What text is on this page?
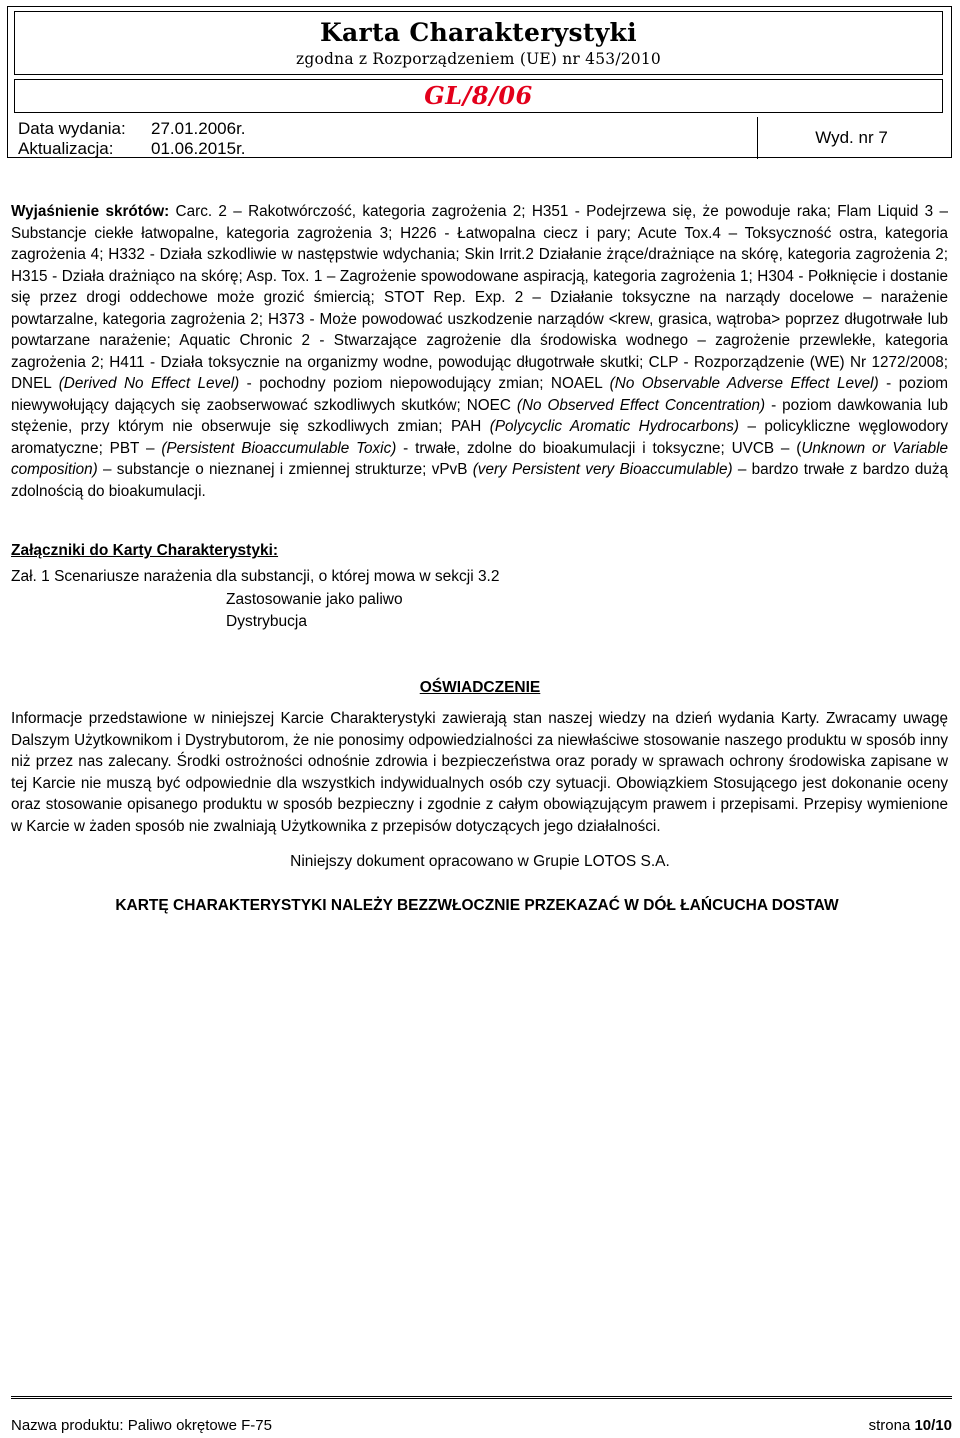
Karta Charakterystyki
zgodna z Rozporządzeniem (UE) nr 453/2010
GL/8/06
Data wydania: 27.01.2006r.
Aktualizacja: 01.06.2015r.
Wyd. nr 7
Wyjaśnienie skrótów: Carc. 2 – Rakotwórczość, kategoria zagrożenia 2; H351 - Podejrzewa się, że powoduje raka; Flam Liquid 3 – Substancje ciekłe łatwopalne, kategoria zagrożenia 3; H226 - Łatwopalna ciecz i pary; Acute Tox.4 – Toksyczność ostra, kategoria zagrożenia 4; H332 - Działa szkodliwie w następstwie wdychania; Skin Irrit.2 Działanie żrące/drażniące na skórę, kategoria zagrożenia 2; H315 - Działa drażniąco na skórę; Asp. Tox. 1 – Zagrożenie spowodowane aspiracją, kategoria zagrożenia 1; H304 - Połknięcie i dostanie się przez drogi oddechowe może grozić śmiercią; STOT Rep. Exp. 2 – Działanie toksyczne na narządy docelowe – narażenie powtarzalne, kategoria zagrożenia 2; H373 - Może powodować uszkodzenie narządów <krew, grasica, wątroba> poprzez długotrwałe lub powtarzane narażenie; Aquatic Chronic 2 - Stwarzające zagrożenie dla środowiska wodnego – zagrożenie przewlekłe, kategoria zagrożenia 2; H411 - Działa toksycznie na organizmy wodne, powodując długotrwałe skutki; CLP - Rozporządzenie (WE) Nr 1272/2008; DNEL (Derived No Effect Level) - pochodny poziom niepowodujący zmian; NOAEL (No Observable Adverse Effect Level) - poziom niewywołujący dających się zaobserwować szkodliwych skutków; NOEC (No Observed Effect Concentration) - poziom dawkowania lub stężenie, przy którym nie obserwuje się szkodliwych zmian; PAH (Polycyclic Aromatic Hydrocarbons) – policykliczne węglowodory aromatyczne; PBT – (Persistent Bioaccumulable Toxic) - trwałe, zdolne do bioakumulacji i toksyczne; UVCB – (Unknown or Variable composition) – substancje o nieznanej i zmiennej strukturze; vPvB (very Persistent very Bioaccumulable) – bardzo trwałe z bardzo dużą zdolnością do bioakumulacji.
Załączniki do Karty Charakterystyki:
Zał. 1 Scenariusze narażenia dla substancji, o której mowa w sekcji 3.2
Zastosowanie jako paliwo
Dystrybucja
OŚWIADCZENIE
Informacje przedstawione w niniejszej Karcie Charakterystyki zawierają stan naszej wiedzy na dzień wydania Karty. Zwracamy uwagę Dalszym Użytkownikom i Dystrybutorom, że nie ponosimy odpowiedzialności za niewłaściwe stosowanie naszego produktu w sposób inny niż przez nas zalecany. Środki ostrożności odnośnie zdrowia i bezpieczeństwa oraz porady w sprawach ochrony środowiska zapisane w tej Karcie nie muszą być odpowiednie dla wszystkich indywidualnych osób czy sytuacji. Obowiązkiem Stosującego jest dokonanie oceny oraz stosowanie opisanego produktu w sposób bezpieczny i zgodnie z całym obowiązującym prawem i przepisami. Przepisy wymienione w Karcie w żaden sposób nie zwalniają Użytkownika z przepisów dotyczących jego działalności.
Niniejszy dokument opracowano w Grupie LOTOS S.A.
KARTĘ CHARAKTERYSTYKI NALEŻY BEZZWŁOCZNIE PRZEKAZAĆ W DÓŁ ŁAŃCUCHA DOSTAW
Nazwa produktu: Paliwo okrętowe F-75	strona 10/10
